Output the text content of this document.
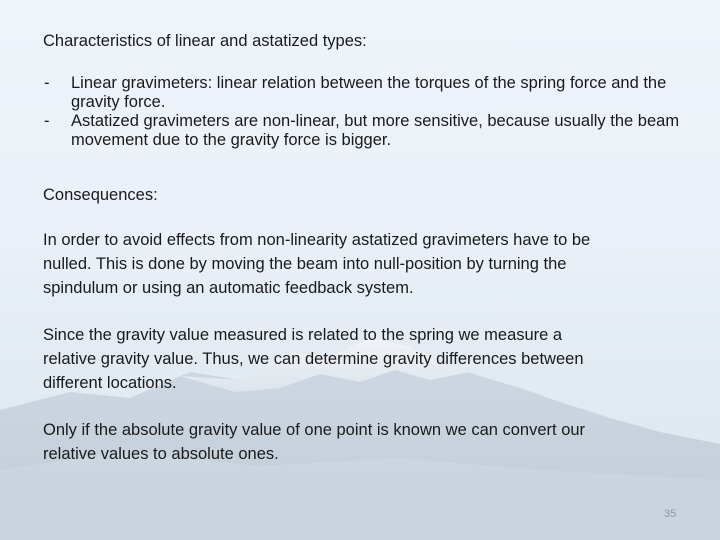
Characteristics of linear and astatized types:

- Linear gravimeters: linear relation between the torques of the spring force and the gravity force.
- Astatized gravimeters are non-linear, but more sensitive, because usually the beam movement due to the gravity force is bigger.

Consequences:

In order to avoid effects from non-linearity astatized gravimeters have to be nulled. This is done by moving the beam into null-position by turning the spindulum or using an automatic feedback system.

Since the gravity value measured is related to the spring we measure a relative gravity value. Thus, we can determine gravity differences between different locations.

Only if the absolute gravity value of one point is known we can convert our relative values to absolute ones.

35
